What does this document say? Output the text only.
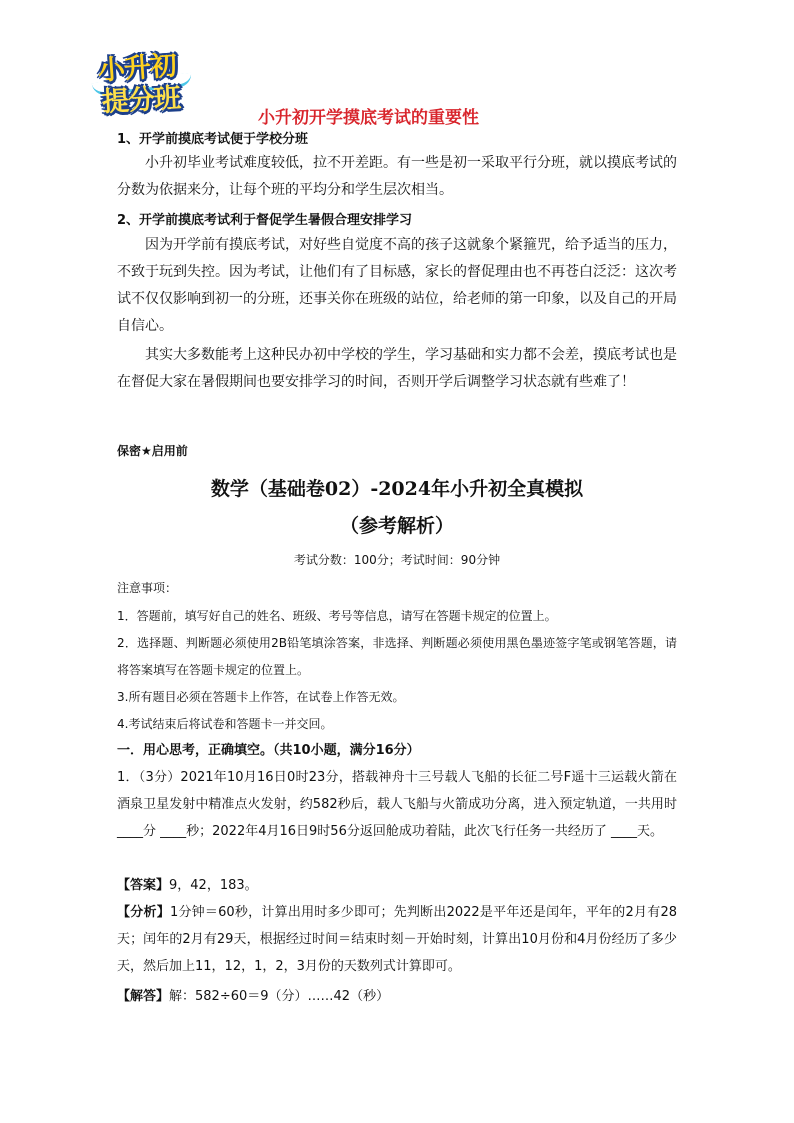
小升初
提分班	小升初开学摸底考试的重要性
1、开学前摸底考试便于学校分班

小升初毕业考试难度较低，拉不开差距。有一些是初一采取平行分班，就以摸底考试的分数为依据来分，让每个班的平均分和学生层次相当。

2、开学前摸底考试利于督促学生暑假合理安排学习

因为开学前有摸底考试，对好些自觉度不高的孩子这就象个紧箍咒，给予适当的压力，不致于玩到失控。因为考试，让他们有了目标感，家长的督促理由也不再苍白泛泛：这次考试不仅仅影响到初一的分班，还事关你在班级的站位，给老师的第一印象，以及自己的开局自信心。

其实大多数能考上这种民办初中学校的学生，学习基础和实力都不会差，摸底考试也是在督促大家在暑假期间也要安排学习的时间，否则开学后调整学习状态就有些难了！

保密★启用前
数学（基础卷02）-2024年小升初全真模拟
（参考解析）
考试分数：100分；考试时间：90分钟
注意事项：
1．答题前，填写好自己的姓名、班级、考号等信息，请写在答题卡规定的位置上。
2．选择题、判断题必须使用2B铅笔填涂答案，非选择、判断题必须使用黑色墨迹签字笔或钢笔答题，请将答案填写在答题卡规定的位置上。
3.所有题目必须在答题卡上作答，在试卷上作答无效。
4.考试结束后将试卷和答题卡一并交回。
一．用心思考，正确填空。（共10小题，满分16分）

1．（3分）2021年10月16日0时23分，搭载神舟十三号载人飞船的长征二号F遥十三运载火箭在酒泉卫星发射中精准点火发射，约582秒后，载人飞船与火箭成功分离，进入预定轨道，一共用时 ____分 ____秒；2022年4月16日9时56分返回舱成功着陆，此次飞行任务一共经历了 ____天。

【答案】9，42，183。

【分析】1分钟＝60秒，计算出用时多少即可；先判断出2022是平年还是闰年，平年的2月有28天；闰年的2月有29天，根据经过时间＝结束时刻－开始时刻，计算出10月份和4月份经历了多少天，然后加上11，12，1，2，3月份的天数列式计算即可。

【解答】解：582÷60＝9（分）……42（秒）
